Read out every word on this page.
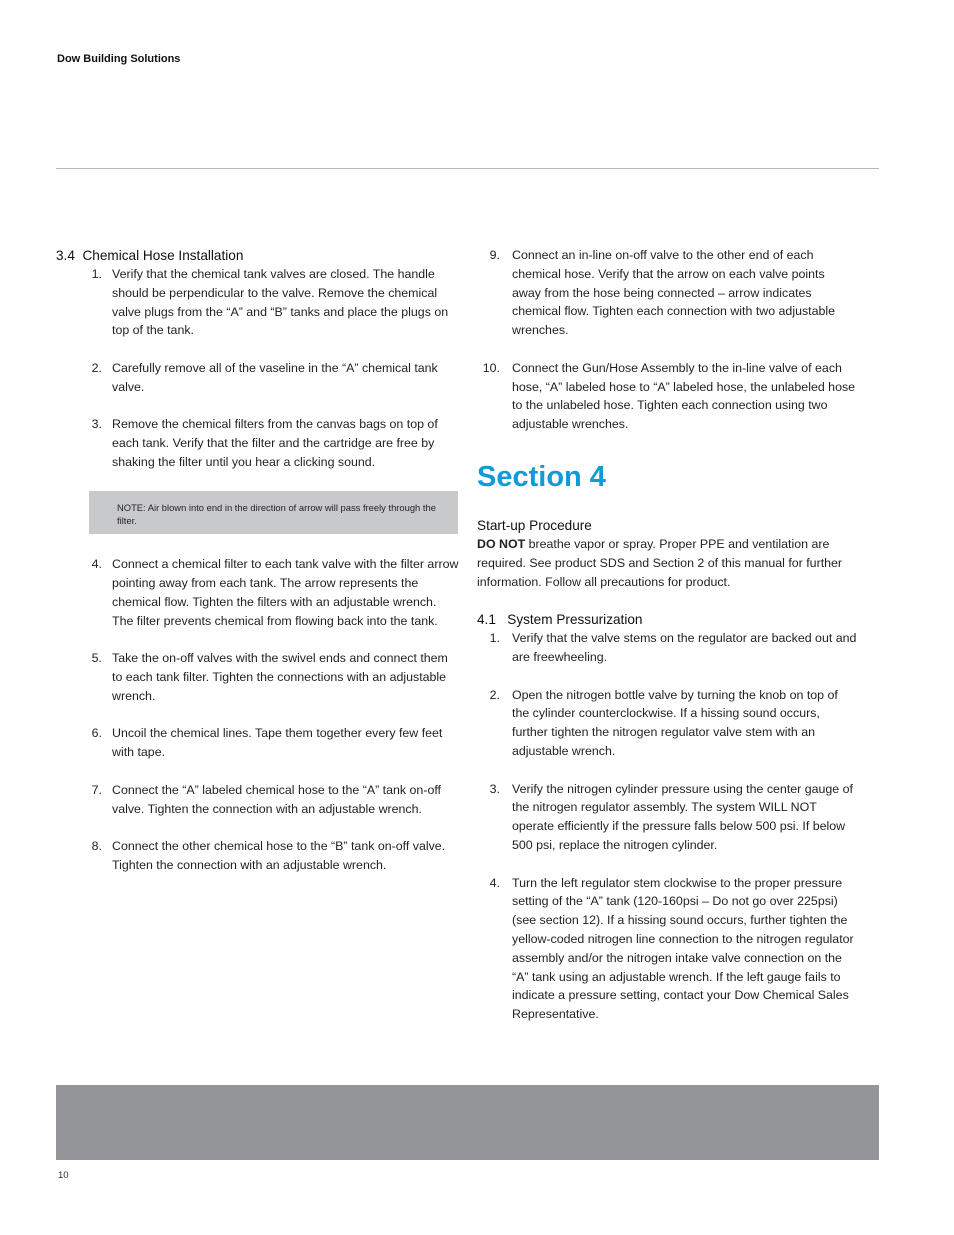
Dow Building Solutions
3.4 Chemical Hose Installation
1. Verify that the chemical tank valves are closed. The handle should be perpendicular to the valve. Remove the chemical valve plugs from the “A” and “B” tanks and place the plugs on top of the tank.
2. Carefully remove all of the vaseline in the “A” chemical tank valve.
3. Remove the chemical filters from the canvas bags on top of each tank. Verify that the filter and the cartridge are free by shaking the filter until you hear a clicking sound.
NOTE: Air blown into end in the direction of arrow will pass freely through the filter.
4. Connect a chemical filter to each tank valve with the filter arrow pointing away from each tank. The arrow represents the chemical flow. Tighten the filters with an adjustable wrench. The filter prevents chemical from flowing back into the tank.
5. Take the on-off valves with the swivel ends and connect them to each tank filter. Tighten the connections with an adjustable wrench.
6. Uncoil the chemical lines. Tape them together every few feet with tape.
7. Connect the “A” labeled chemical hose to the “A” tank on-off valve. Tighten the connection with an adjustable wrench.
8. Connect the other chemical hose to the “B” tank on-off valve. Tighten the connection with an adjustable wrench.
9. Connect an in-line on-off valve to the other end of each chemical hose. Verify that the arrow on each valve points away from the hose being connected – arrow indicates chemical flow. Tighten each connection with two adjustable wrenches.
10. Connect the Gun/Hose Assembly to the in-line valve of each hose, “A” labeled hose to “A” labeled hose, the unlabeled hose to the unlabeled hose. Tighten each connection using two adjustable wrenches.
Section 4
Start-up Procedure

DO NOT breathe vapor or spray. Proper PPE and ventilation are required. See product SDS and Section 2 of this manual for further information. Follow all precautions for product.

4.1 System Pressurization
1. Verify that the valve stems on the regulator are backed out and are freewheeling.
2. Open the nitrogen bottle valve by turning the knob on top of the cylinder counterclockwise. If a hissing sound occurs, further tighten the nitrogen regulator valve stem with an adjustable wrench.
3. Verify the nitrogen cylinder pressure using the center gauge of the nitrogen regulator assembly. The system WILL NOT operate efficiently if the pressure falls below 500 psi. If below 500 psi, replace the nitrogen cylinder.
4. Turn the left regulator stem clockwise to the proper pressure setting of the “A” tank (120-160psi – Do not go over 225psi) (see section 12). If a hissing sound occurs, further tighten the yellow-coded nitrogen line connection to the nitrogen regulator assembly and/or the nitrogen intake valve connection on the “A” tank using an adjustable wrench. If the left gauge fails to indicate a pressure setting, contact your Dow Chemical Sales Representative.
10
